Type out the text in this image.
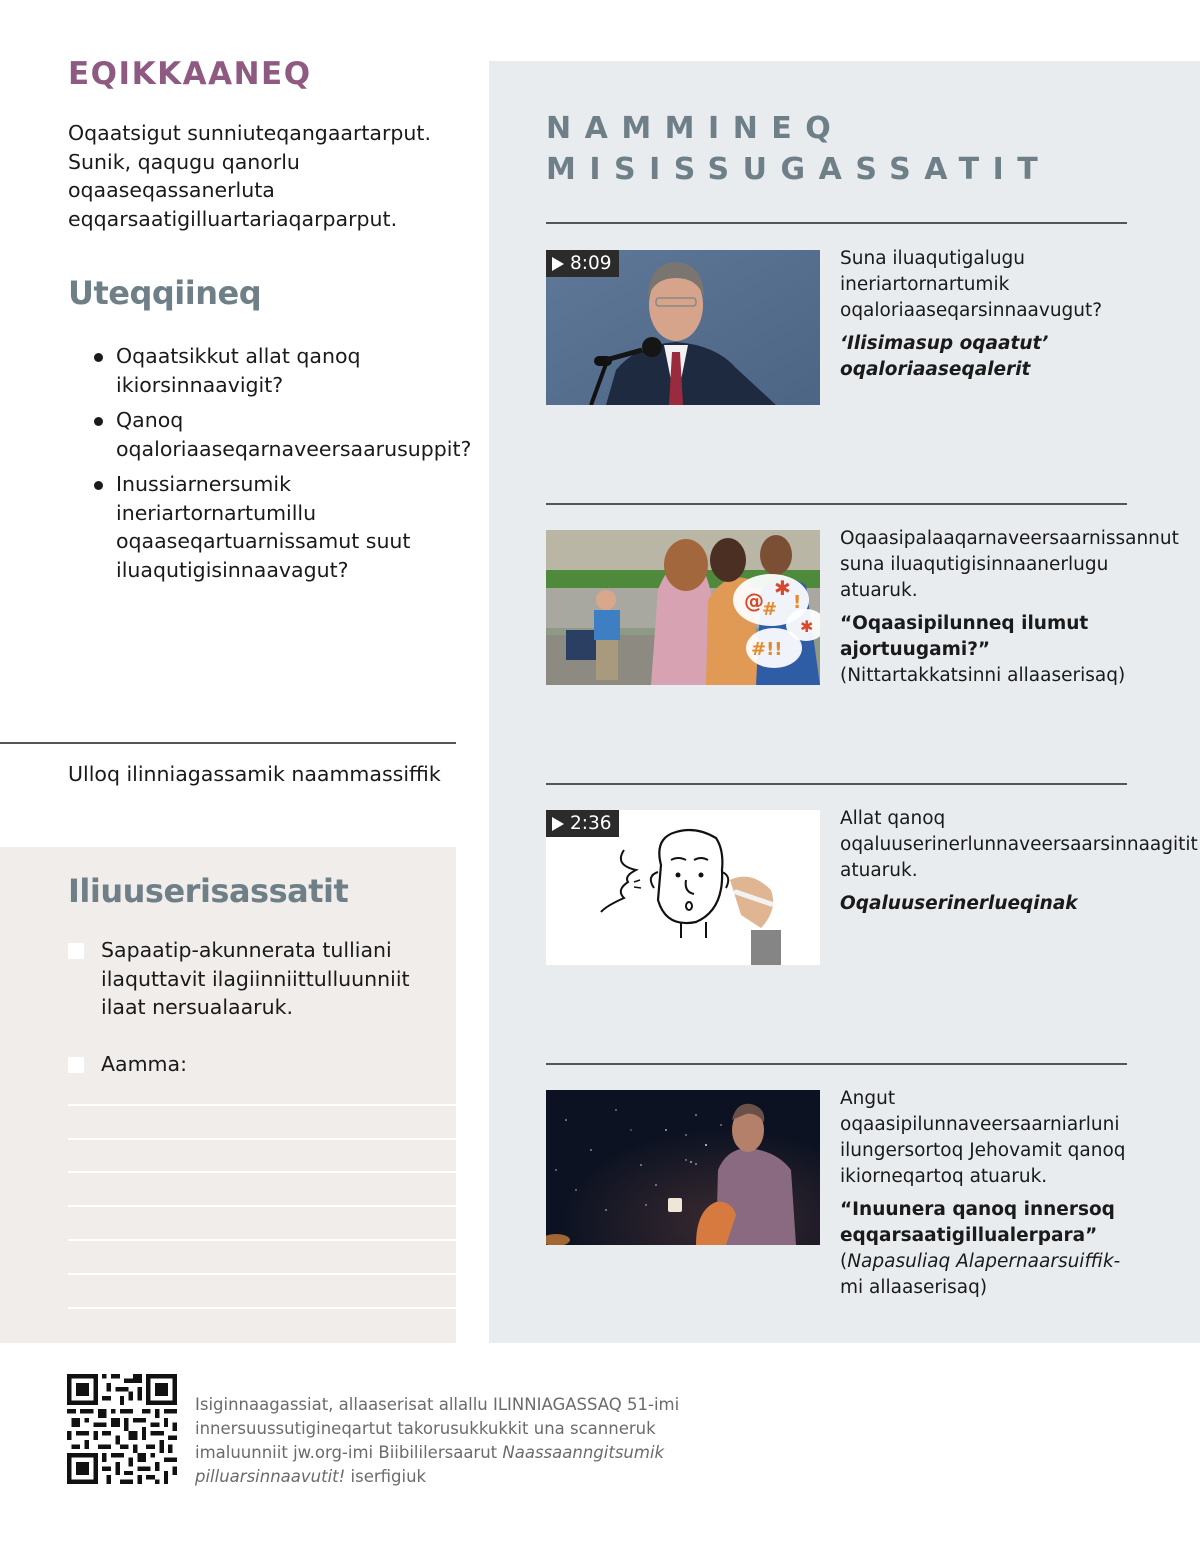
EQIKKAANEQ
Oqaatsigut sunniuteqangaartarput. Sunik, qaqugu qanorlu oqaaseqassanerluta eqqarsaatigilluartariaqarparput.
Uteqqiineq
Oqaatsikkut allat qanoq ikiorsinnaavigit?
Qanoq oqaloriaaseqarnaveersaarusuppit?
Inussiarnersumik ineriartornartumillu oqaaseqartuarnissamut suut iluaqutigisinnaavagut?
Ulloq ilinniagassamik naammassiffik
Iliuuserisassatit
Sapaatip-akunnerata tulliani ilaquttavit ilagiinniittulluunniit ilaat nersualaaruk.
Aamma:
NAMMINEQ
MISISSUGASSATIT
8:09	Suna iluaqutigalugu ineriartornartumik oqaloriaaseqarsinnaavugut?
‘Ilisimasup oqaatut’ oqaloriaaseqalerit
@
#
✱
!
✱
#!!
Oqaasipalaaqarnaveersaarnissannut suna iluaqutigisinnaanerlugu atuaruk.
“Oqaasipilunneq ilumut ajortuugami?”
(Nittartakkatsinni allaaserisaq)
2:36	Allat qanoq oqaluuserinerlunnaveersaarsinnaagitit atuaruk.
Oqaluuserinerlueqinak
Angut oqaasipilunnaveersaarniarluni ilungersortoq Jehovamit qanoq ikiorneqartoq atuaruk.
“Inuunera qanoq innersoq eqqarsaatigillualerpara”
(Napasuliaq Alapernaarsuiffik-mi allaaserisaq)
Isiginnaagassiat, allaaserisat allallu ILINNIAGASSAQ 51-imi innersuussutigineqartut takorusukkukkit una scanneruk imaluunniit jw.org-imi Biibililersaarut Naassaanngitsumik pilluarsinnaavutit! iserfigiuk
